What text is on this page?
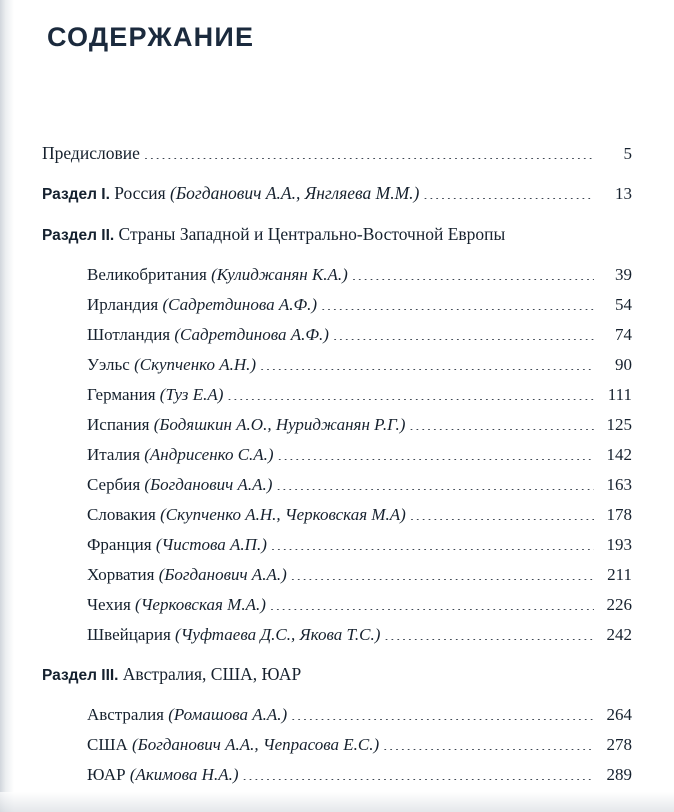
СОДЕРЖАНИЕ
Предисловие .....	5
Раздел I. Россия (Богданович А.А., Янгляева М.М.) .....	13
Раздел II. Страны Западной и Центрально-Восточной Европы
Великобритания (Кулиджанян К.А.) .....	39
Ирландия (Садретдинова А.Ф.) .....	54
Шотландия (Садретдинова А.Ф.) .....	74
Уэльс (Скупченко А.Н.) .....	90
Германия (Туз Е.А) .....	111
Испания (Бодяшкин А.О., Нуриджанян Р.Г.) .....	125
Италия (Андрисенко С.А.) .....	142
Сербия (Богданович А.А.) .....	163
Словакия (Скупченко А.Н., Черковская М.А) .....	178
Франция (Чистова А.П.) .....	193
Хорватия (Богданович А.А.) .....	211
Чехия (Черковская М.А.) .....	226
Швейцария (Чуфтаева Д.С., Якова Т.С.) .....	242
Раздел III. Австралия, США, ЮАР
Австралия (Ромашова А.А.) .....	264
США (Богданович А.А., Чепрасова Е.С.) .....	278
ЮАР (Акимова Н.А.) .....	289
